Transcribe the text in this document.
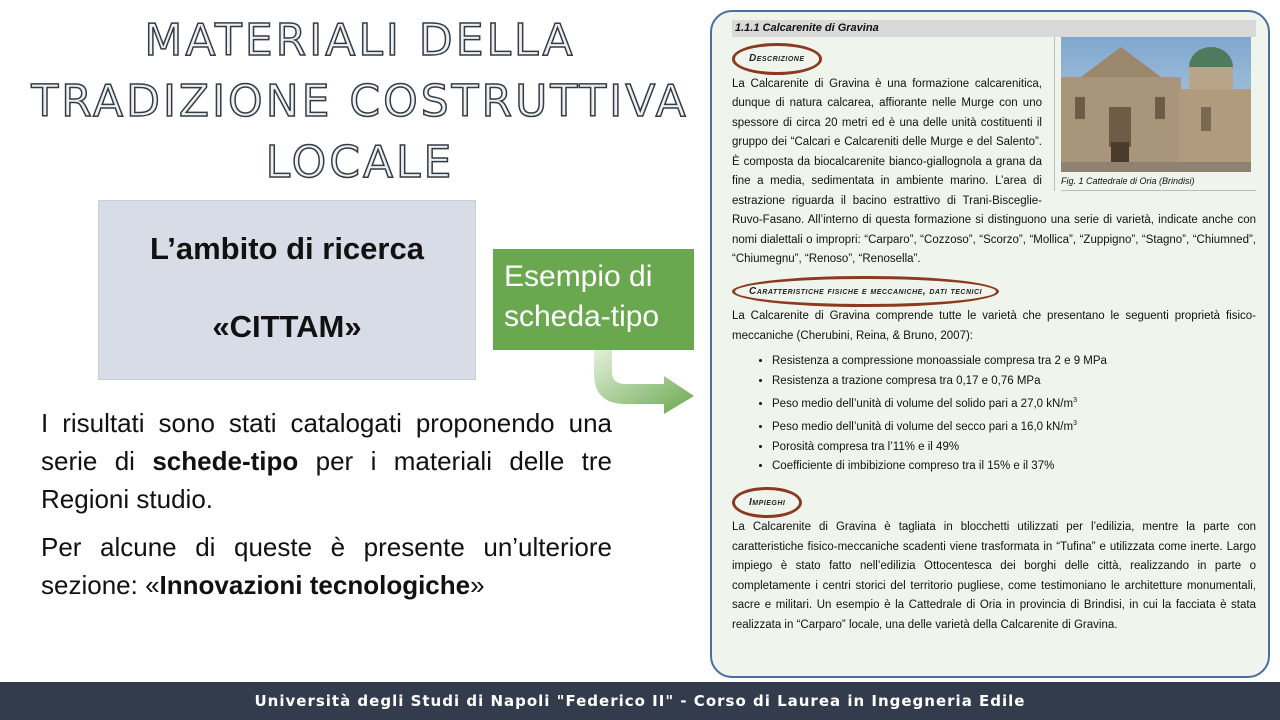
MATERIALI DELLA
TRADIZIONE COSTRUTTIVA
LOCALE
L’ambito di ricerca
«CITTAM»
Esempio di
scheda-tipo

I risultati sono stati catalogati proponendo una serie di schede-tipo per i materiali delle tre Regioni studio.

Per alcune di queste è presente un’ulteriore sezione: «Innovazioni tecnologiche»

1.1.1 Calcarenite di Gravina
Fig. 1 Cattedrale di Oria (Brindisi)
Descrizione

La Calcarenite di Gravina è una formazione calcarenitica, dunque di natura calcarea, affiorante nelle Murge con uno spessore di circa 20 metri ed è una delle unità costituenti il gruppo dei “Calcari e Calcareniti delle Murge e del Salento”. È composta da biocalcarenite bianco-giallognola a grana da fine a media, sedimentata in ambiente marino. L’area di estrazione riguarda il bacino estrattivo di Trani-Bisceglie-Ruvo-Fasano. All’interno di questa formazione si distinguono una serie di varietà, indicate anche con nomi dialettali o impropri: “Carparo”, “Cozzoso”, “Scorzo”, “Mollica”, “Zuppigno”, “Stagno”, “Chiumned”, “Chiumegnu”, “Renoso”, “Renosella”.

Caratteristiche fisiche e meccaniche, dati tecnici

La Calcarenite di Gravina comprende tutte le varietà che presentano le seguenti proprietà fisico-meccaniche (Cherubini, Reina, & Bruno, 2007):

• Resistenza a compressione monoassiale compresa tra 2 e 9 MPa
• Resistenza a trazione compresa tra 0,17 e 0,76 MPa
• Peso medio dell’unità di volume del solido pari a 27,0 $kN/m^3$
• Peso medio dell’unità di volume del secco pari a 16,0 $kN/m^3$
• Porosità compresa tra l’11% e il 49%
• Coefficiente di imbibizione compreso tra il 15% e il 37%
Impieghi

La Calcarenite di Gravina è tagliata in blocchetti utilizzati per l’edilizia, mentre la parte con caratteristiche fisico-meccaniche scadenti viene trasformata in “Tufina” e utilizzata come inerte. Largo impiego è stato fatto nell’edilizia Ottocentesca dei borghi delle città, realizzando in parte o completamente i centri storici del territorio pugliese, come testimoniano le architetture monumentali, sacre e militari. Un esempio è la Cattedrale di Oria in provincia di Brindisi, in cui la facciata è stata realizzata in “Carparo” locale, una delle varietà della Calcarenite di Gravina.

Università degli Studi di Napoli "Federico II" - Corso di Laurea in Ingegneria Edile
